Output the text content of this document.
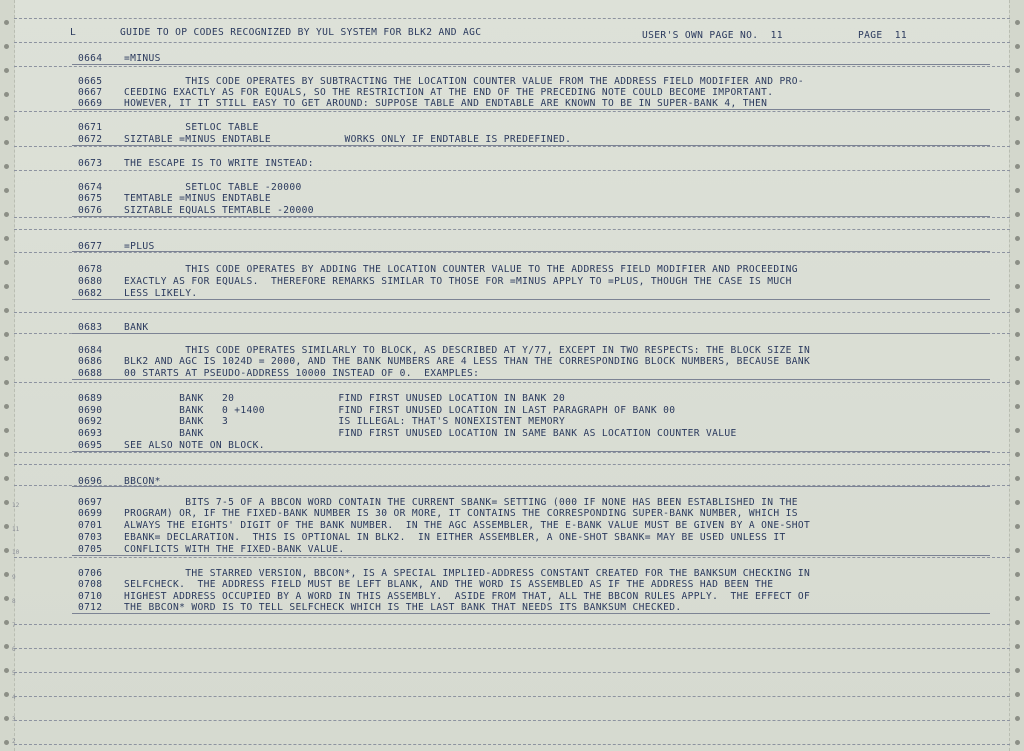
L	GUIDE TO OP CODES RECOGNIZED BY YUL SYSTEM FOR BLK2 AND AGC	USER'S OWN PAGE NO.  11	PAGE  11
0664 =MINUS
0665 THIS CODE OPERATES BY SUBTRACTING THE LOCATION COUNTER VALUE FROM THE ADDRESS FIELD MODIFIER AND PRO-
0667 CEEDING EXACTLY AS FOR EQUALS, SO THE RESTRICTION AT THE END OF THE PRECEDING NOTE COULD BECOME IMPORTANT.
0669 HOWEVER, IT IT STILL EASY TO GET AROUND: SUPPOSE TABLE AND ENDTABLE ARE KNOWN TO BE IN SUPER-BANK 4, THEN
0671 SETLOC TABLE
0672 SIZTABLE =MINUS ENDTABLE            WORKS ONLY IF ENDTABLE IS PREDEFINED.
0673 THE ESCAPE IS TO WRITE INSTEAD:
0674 SETLOC TABLE -20000
0675 TEMTABLE =MINUS ENDTABLE
0676 SIZTABLE EQUALS TEMTABLE -20000
0677 =PLUS
0678 THIS CODE OPERATES BY ADDING THE LOCATION COUNTER VALUE TO THE ADDRESS FIELD MODIFIER AND PROCEEDING
0680 EXACTLY AS FOR EQUALS.  THEREFORE REMARKS SIMILAR TO THOSE FOR =MINUS APPLY TO =PLUS, THOUGH THE CASE IS MUCH
0682 LESS LIKELY.
0683 BANK
0684 THIS CODE OPERATES SIMILARLY TO BLOCK, AS DESCRIBED AT Y/77, EXCEPT IN TWO RESPECTS: THE BLOCK SIZE IN
0686 BLK2 AND AGC IS 1024D = 2000, AND THE BANK NUMBERS ARE 4 LESS THAN THE CORRESPONDING BLOCK NUMBERS, BECAUSE BANK
0688 00 STARTS AT PSEUDO-ADDRESS 10000 INSTEAD OF 0.  EXAMPLES:
0689 BANK   20                 FIND FIRST UNUSED LOCATION IN BANK 20
0690 BANK   0 +1400            FIND FIRST UNUSED LOCATION IN LAST PARAGRAPH OF BANK 00
0692 BANK   3                  IS ILLEGAL: THAT'S NONEXISTENT MEMORY
0693 BANK                      FIND FIRST UNUSED LOCATION IN SAME BANK AS LOCATION COUNTER VALUE
0695 SEE ALSO NOTE ON BLOCK.
0696 BBCON*
0697 BITS 7-5 OF A BBCON WORD CONTAIN THE CURRENT SBANK= SETTING (000 IF NONE HAS BEEN ESTABLISHED IN THE
0699 PROGRAM) OR, IF THE FIXED-BANK NUMBER IS 30 OR MORE, IT CONTAINS THE CORRESPONDING SUPER-BANK NUMBER, WHICH IS
0701 ALWAYS THE EIGHTS' DIGIT OF THE BANK NUMBER.  IN THE AGC ASSEMBLER, THE E-BANK VALUE MUST BE GIVEN BY A ONE-SHOT
0703 EBANK= DECLARATION.  THIS IS OPTIONAL IN BLK2.  IN EITHER ASSEMBLER, A ONE-SHOT SBANK= MAY BE USED UNLESS IT
0705 CONFLICTS WITH THE FIXED-BANK VALUE.
0706 THE STARRED VERSION, BBCON*, IS A SPECIAL IMPLIED-ADDRESS CONSTANT CREATED FOR THE BANKSUM CHECKING IN
0708 SELFCHECK.  THE ADDRESS FIELD MUST BE LEFT BLANK, AND THE WORD IS ASSEMBLED AS IF THE ADDRESS HAD BEEN THE
0710 HIGHEST ADDRESS OCCUPIED BY A WORD IN THIS ASSEMBLY.  ASIDE FROM THAT, ALL THE BBCON RULES APPLY.  THE EFFECT OF
0712 THE BBCON* WORD IS TO TELL SELFCHECK WHICH IS THE LAST BANK THAT NEEDS ITS BANKSUM CHECKED.
12
11
10
9
8
7
6
5
4
3
2
